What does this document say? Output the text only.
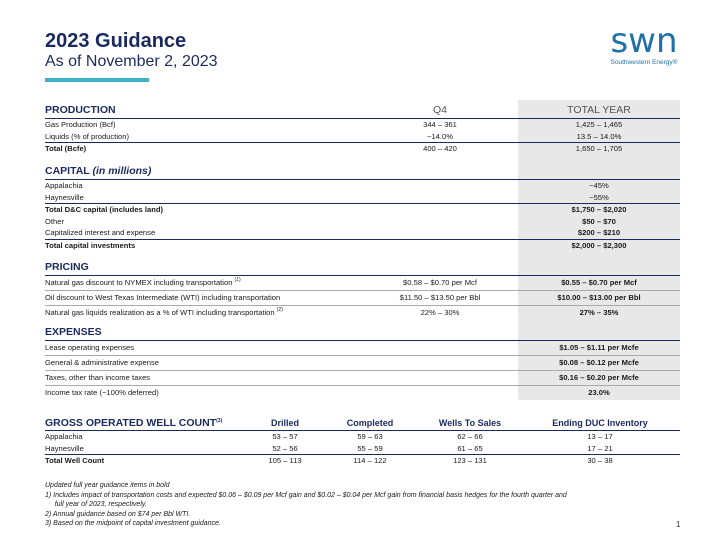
2023 Guidance
As of November 2, 2023
swn
Southwestern Energy®
PRODUCTION	Q4	TOTAL YEAR
Gas Production (Bcf)	344 – 361	1,425 – 1,465
Liquids (% of production)	~14.0%	13.5 – 14.0%
Total (Bcfe)	400 – 420	1,650 – 1,705
CAPITAL (in millions)
Appalachia	~45%
Haynesville	~55%
Total D&C capital (includes land)	$1,750 – $2,020
Other	$50 – $70
Capitalized interest and expense	$200 – $210
Total capital investments	$2,000 – $2,300
PRICING
Natural gas discount to NYMEX including transportation $^{(1)}$	$0.58 – $0.70 per Mcf	$0.55 – $0.70 per Mcf
Oil discount to West Texas Intermediate (WTI) including transportation	$11.50 – $13.50 per Bbl	$10.00 – $13.00 per Bbl
Natural gas liquids realization as a % of WTI including transportation $^{(2)}$	22% – 30%	27% – 35%
EXPENSES
Lease operating expenses	$1.05 – $1.11 per Mcfe
General & administrative expense	$0.08 – $0.12 per Mcfe
Taxes, other than income taxes	$0.16 – $0.20 per Mcfe
Income tax rate (~100% deferred)	23.0%
GROSS OPERATED WELL COUNT$^{(3)}$	Drilled	Completed	Wells To Sales	Ending DUC Inventory
Appalachia	53 – 57	59 – 63	62 – 66	13 – 17
Haynesville	52 – 56	55 – 59	61 – 65	17 – 21
Total Well Count	105 – 113	114 – 122	123 – 131	30 – 38
Updated full year guidance items in bold
1) Includes impact of transportation costs and expected $0.06 – $0.09 per Mcf gain and $0.02 – $0.04 per Mcf gain from financial basis hedges for the fourth quarter and
full year of 2023, respectively.
2) Annual guidance based on $74 per Bbl WTI.
3) Based on the midpoint of capital investment guidance.	1
